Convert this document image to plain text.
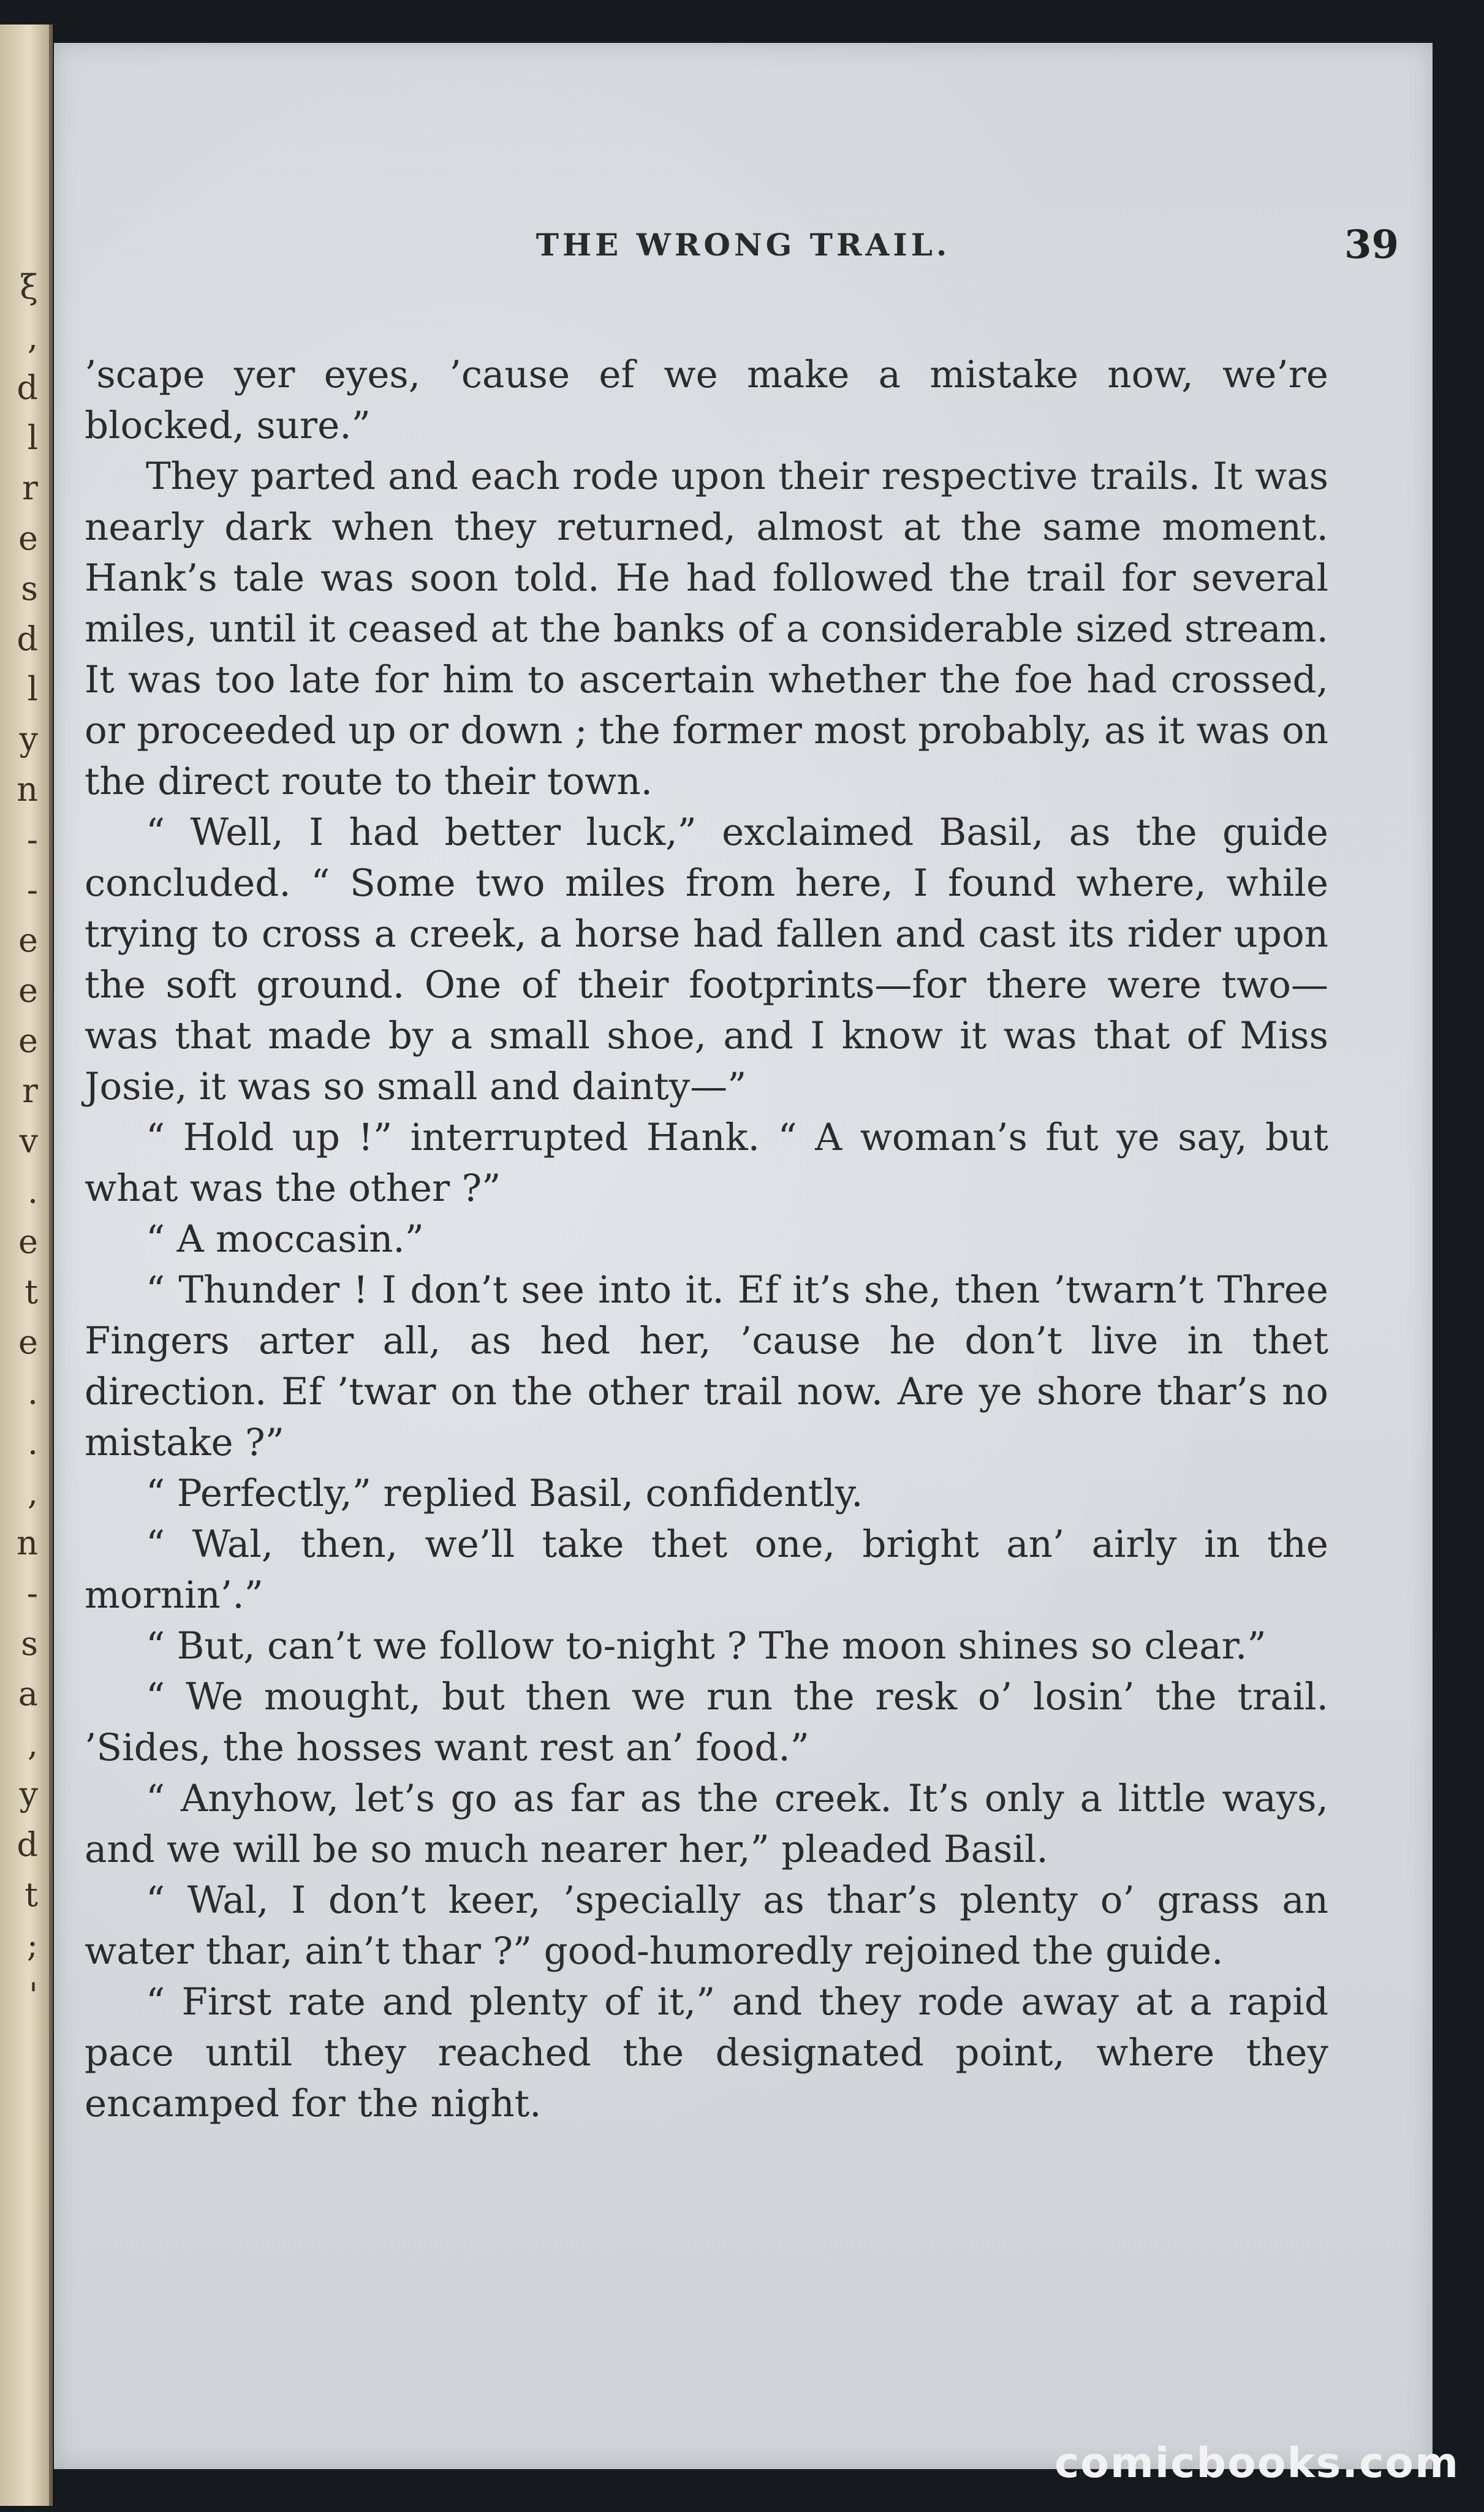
ξ
,
d
l
r
e
s
d
l
y
n
-
-
e
e
e
r
v
.
e
t
e
.
.
,
n
-
s
a
,
y
d
t
;
'
THE WRONG TRAIL.	39

’scape yer eyes, ’cause ef we make a mistake now, we’re blocked, sure.”

They parted and each rode upon their respective trails. It was nearly dark when they returned, almost at the same moment. Hank’s tale was soon told. He had followed the trail for several miles, until it ceased at the banks of a considerable sized stream. It was too late for him to ascertain whether the foe had crossed, or proceeded up or down ; the former most probably, as it was on the direct route to their town.

“ Well, I had better luck,” exclaimed Basil, as the guide concluded. “ Some two miles from here, I found where, while trying to cross a creek, a horse had fallen and cast its rider upon the soft ground. One of their footprints—for there were two—was that made by a small shoe, and I know it was that of Miss Josie, it was so small and dainty—”

“ Hold up !” interrupted Hank. “ A woman’s fut ye say, but what was the other ?”

“ A moccasin.”

“ Thunder ! I don’t see into it. Ef it’s she, then ’twarn’t Three Fingers arter all, as hed her, ’cause he don’t live in thet direction. Ef ’twar on the other trail now. Are ye shore thar’s no mistake ?”

“ Perfectly,” replied Basil, confidently.

“ Wal, then, we’ll take thet one, bright an’ airly in the mornin’.”

“ But, can’t we follow to-night ? The moon shines so clear.”

“ We mought, but then we run the resk o’ losin’ the trail. ’Sides, the hosses want rest an’ food.”

“ Anyhow, let’s go as far as the creek. It’s only a little ways, and we will be so much nearer her,” pleaded Basil.

“ Wal, I don’t keer, ’specially as thar’s plenty o’ grass an water thar, ain’t thar ?” good-humoredly rejoined the guide.

“ First rate and plenty of it,” and they rode away at a rapid pace until they reached the designated point, where they encamped for the night.

comicbooks.com
